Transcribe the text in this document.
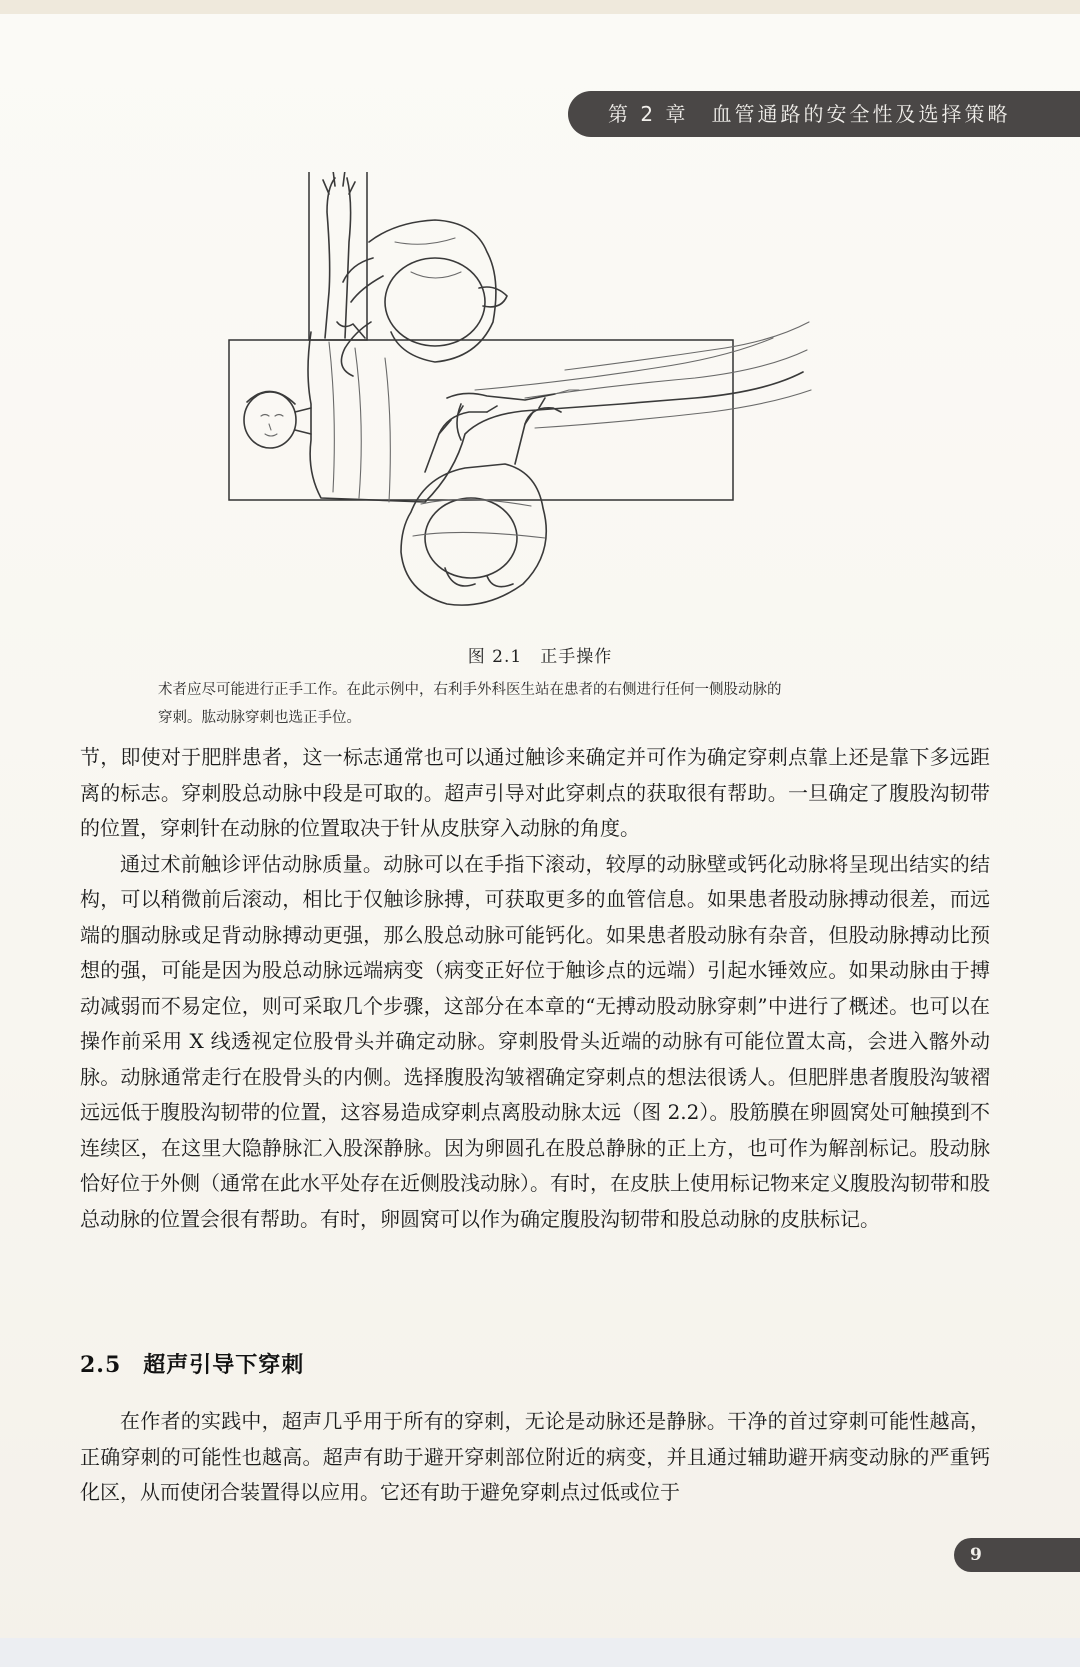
第 2 章　血管通路的安全性及选择策略
图 2.1　正手操作
术者应尽可能进行正手工作。在此示例中，右利手外科医生站在患者的右侧进行任何一侧股动脉的
穿刺。肱动脉穿刺也选正手位。

节，即使对于肥胖患者，这一标志通常也可以通过触诊来确定并可作为确定穿刺点靠上还是靠下多远距离的标志。穿刺股总动脉中段是可取的。超声引导对此穿刺点的获取很有帮助。一旦确定了腹股沟韧带的位置，穿刺针在动脉的位置取决于针从皮肤穿入动脉的角度。

通过术前触诊评估动脉质量。动脉可以在手指下滚动，较厚的动脉壁或钙化动脉将呈现出结实的结构，可以稍微前后滚动，相比于仅触诊脉搏，可获取更多的血管信息。如果患者股动脉搏动很差，而远端的腘动脉或足背动脉搏动更强，那么股总动脉可能钙化。如果患者股动脉有杂音，但股动脉搏动比预想的强，可能是因为股总动脉远端病变（病变正好位于触诊点的远端）引起水锤效应。如果动脉由于搏动减弱而不易定位，则可采取几个步骤，这部分在本章的“无搏动股动脉穿刺”中进行了概述。也可以在操作前采用 X 线透视定位股骨头并确定动脉。穿刺股骨头近端的动脉有可能位置太高，会进入髂外动脉。动脉通常走行在股骨头的内侧。选择腹股沟皱褶确定穿刺点的想法很诱人。但肥胖患者腹股沟皱褶远远低于腹股沟韧带的位置，这容易造成穿刺点离股动脉太远（图 2.2）。股筋膜在卵圆窝处可触摸到不连续区，在这里大隐静脉汇入股深静脉。因为卵圆孔在股总静脉的正上方，也可作为解剖标记。股动脉恰好位于外侧（通常在此水平处存在近侧股浅动脉）。有时，在皮肤上使用标记物来定义腹股沟韧带和股总动脉的位置会很有帮助。有时，卵圆窝可以作为确定腹股沟韧带和股总动脉的皮肤标记。

2.5 超声引导下穿刺

在作者的实践中，超声几乎用于所有的穿刺，无论是动脉还是静脉。干净的首过穿刺可能性越高，正确穿刺的可能性也越高。超声有助于避开穿刺部位附近的病变，并且通过辅助避开病变动脉的严重钙化区，从而使闭合装置得以应用。它还有助于避免穿刺点过低或位于

9
